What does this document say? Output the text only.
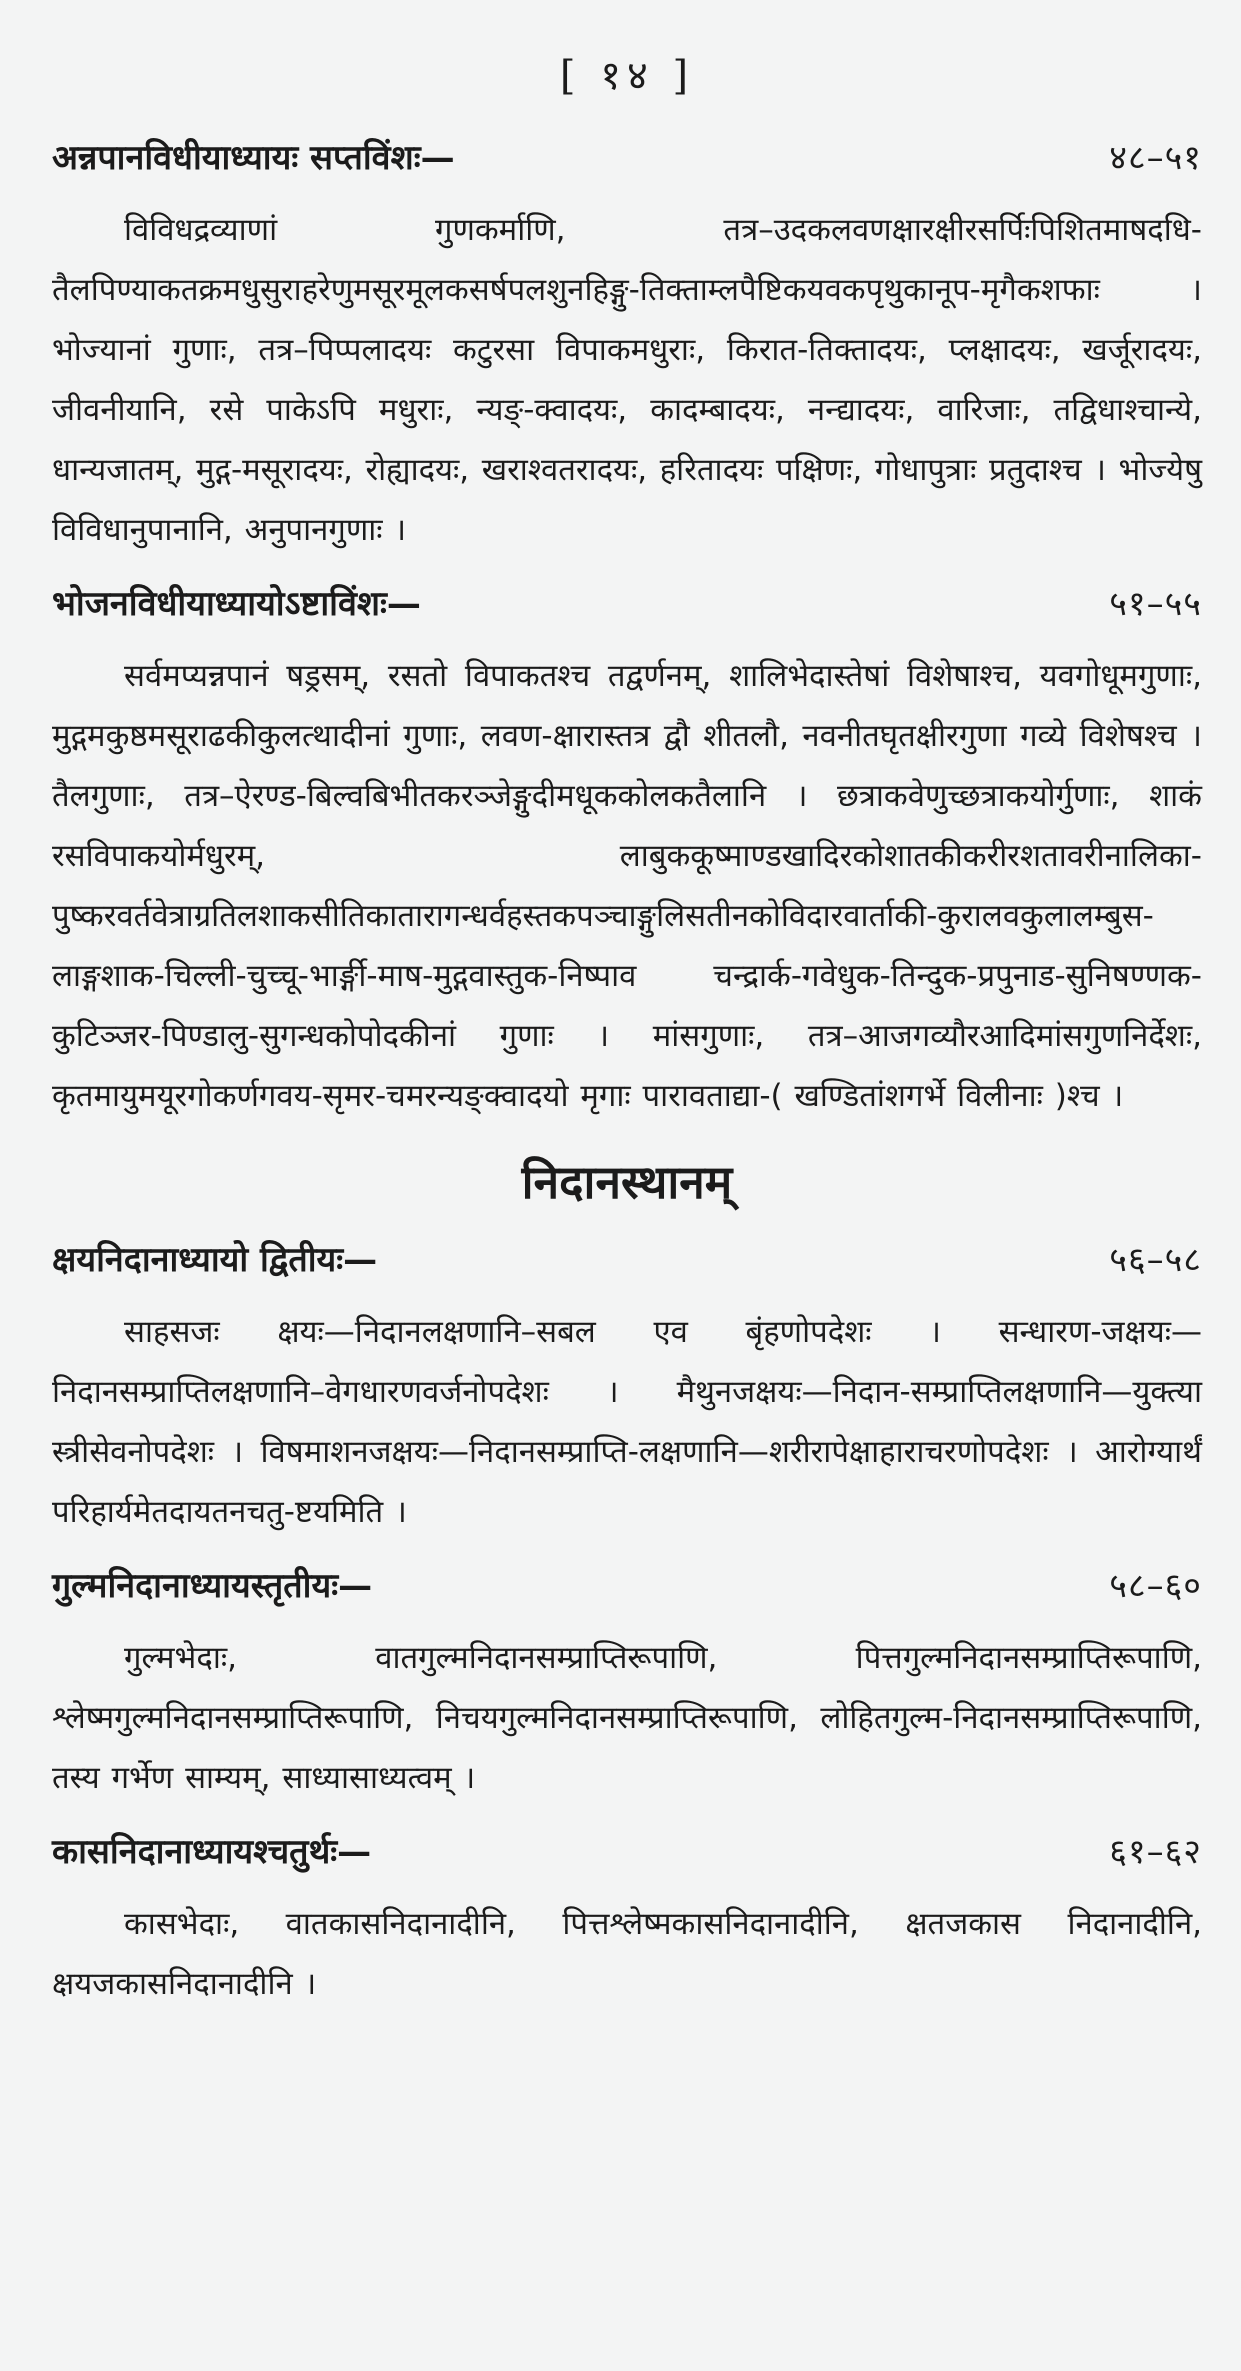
[ १४ ]
अन्नपानविधीयाध्यायः सप्तविंशः—	४८–५१

विविधद्रव्याणां गुणकर्माणि, तत्र–उदकलवणक्षारक्षीरसर्पिःपिशितमाषदधि-तैलपिण्याकतक्रमधुसुराहरेणुमसूरमूलकसर्षपलशुनहिङ्गु-तिक्ताम्लपैष्टिकयवकपृथुकानूप-मृगैकशफाः । भोज्यानां गुणाः, तत्र–पिप्पलादयः कटुरसा विपाकमधुराः, किरात-तिक्तादयः, प्लक्षादयः, खर्जूरादयः, जीवनीयानि, रसे पाकेऽपि मधुराः, न्यङ्-क्वादयः, कादम्बादयः, नन्द्यादयः, वारिजाः, तद्विधाश्चान्ये, धान्यजातम्, मुद्ग-मसूरादयः, रोह्यादयः, खराश्वतरादयः, हरितादयः पक्षिणः, गोधापुत्राः प्रतुदाश्च । भोज्येषु विविधानुपानानि, अनुपानगुणाः ।

भोजनविधीयाध्यायोऽष्टाविंशः—	५१–५५

सर्वमप्यन्नपानं षड्रसम्, रसतो विपाकतश्च तद्वर्णनम्, शालिभेदास्तेषां विशेषाश्च, यवगोधूमगुणाः, मुद्गमकुष्ठमसूराढकीकुलत्थादीनां गुणाः, लवण-क्षारास्तत्र द्वौ शीतलौ, नवनीतघृतक्षीरगुणा गव्ये विशेषश्च । तैलगुणाः, तत्र–ऐरण्ड-बिल्वबिभीतकरञ्जेङ्गुदीमधूककोलकतैलानि । छत्राकवेणुच्छत्राकयोर्गुणाः, शाकं रसविपाकयोर्मधुरम्, लाबुककूष्माण्डखादिरकोशातकीकरीरशतावरीनालिका-पुष्करवर्तवेत्राग्रतिलशाकसीतिकातारागन्धर्वहस्तकपञ्चाङ्गुलिसतीनकोविदारवार्ताकी-कुरालवकुलालम्बुस-लाङ्गशाक-चिल्ली-चुच्चू-भार्ङ्गी-माष-मुद्गवास्तुक-निष्पाव चन्द्रार्क-गवेधुक-तिन्दुक-प्रपुनाड-सुनिषण्णक-कुटिञ्जर-पिण्डालु-सुगन्धकोपोदकीनां गुणाः । मांसगुणाः, तत्र–आजगव्यौरआदिमांसगुणनिर्देशः, कृतमायुमयूरगोकर्णगवय-सृमर-चमरन्यङ्क्वादयो मृगाः पारावताद्या-( खण्डितांशगर्भे विलीनाः )श्च ।

निदानस्थानम्
क्षयनिदानाध्यायो द्वितीयः—	५६–५८

साहसजः क्षयः—निदानलक्षणानि–सबल एव बृंहणोपदेशः । सन्धारण-जक्षयः—निदानसम्प्राप्तिलक्षणानि–वेगधारणवर्जनोपदेशः । मैथुनजक्षयः—निदान-सम्प्राप्तिलक्षणानि—युक्त्या स्त्रीसेवनोपदेशः । विषमाशनजक्षयः—निदानसम्प्राप्ति-लक्षणानि—शरीरापेक्षाहाराचरणोपदेशः । आरोग्यार्थं परिहार्यमेतदायतनचतु-ष्टयमिति ।

गुल्मनिदानाध्यायस्तृतीयः—	५८–६०

गुल्मभेदाः, वातगुल्मनिदानसम्प्राप्तिरूपाणि, पित्तगुल्मनिदानसम्प्राप्तिरूपाणि, श्लेष्मगुल्मनिदानसम्प्राप्तिरूपाणि, निचयगुल्मनिदानसम्प्राप्तिरूपाणि, लोहितगुल्म-निदानसम्प्राप्तिरूपाणि, तस्य गर्भेण साम्यम्, साध्यासाध्यत्वम् ।

कासनिदानाध्यायश्चतुर्थः—	६१–६२

कासभेदाः, वातकासनिदानादीनि, पित्तश्लेष्मकासनिदानादीनि, क्षतजकास निदानादीनि, क्षयजकासनिदानादीनि ।
